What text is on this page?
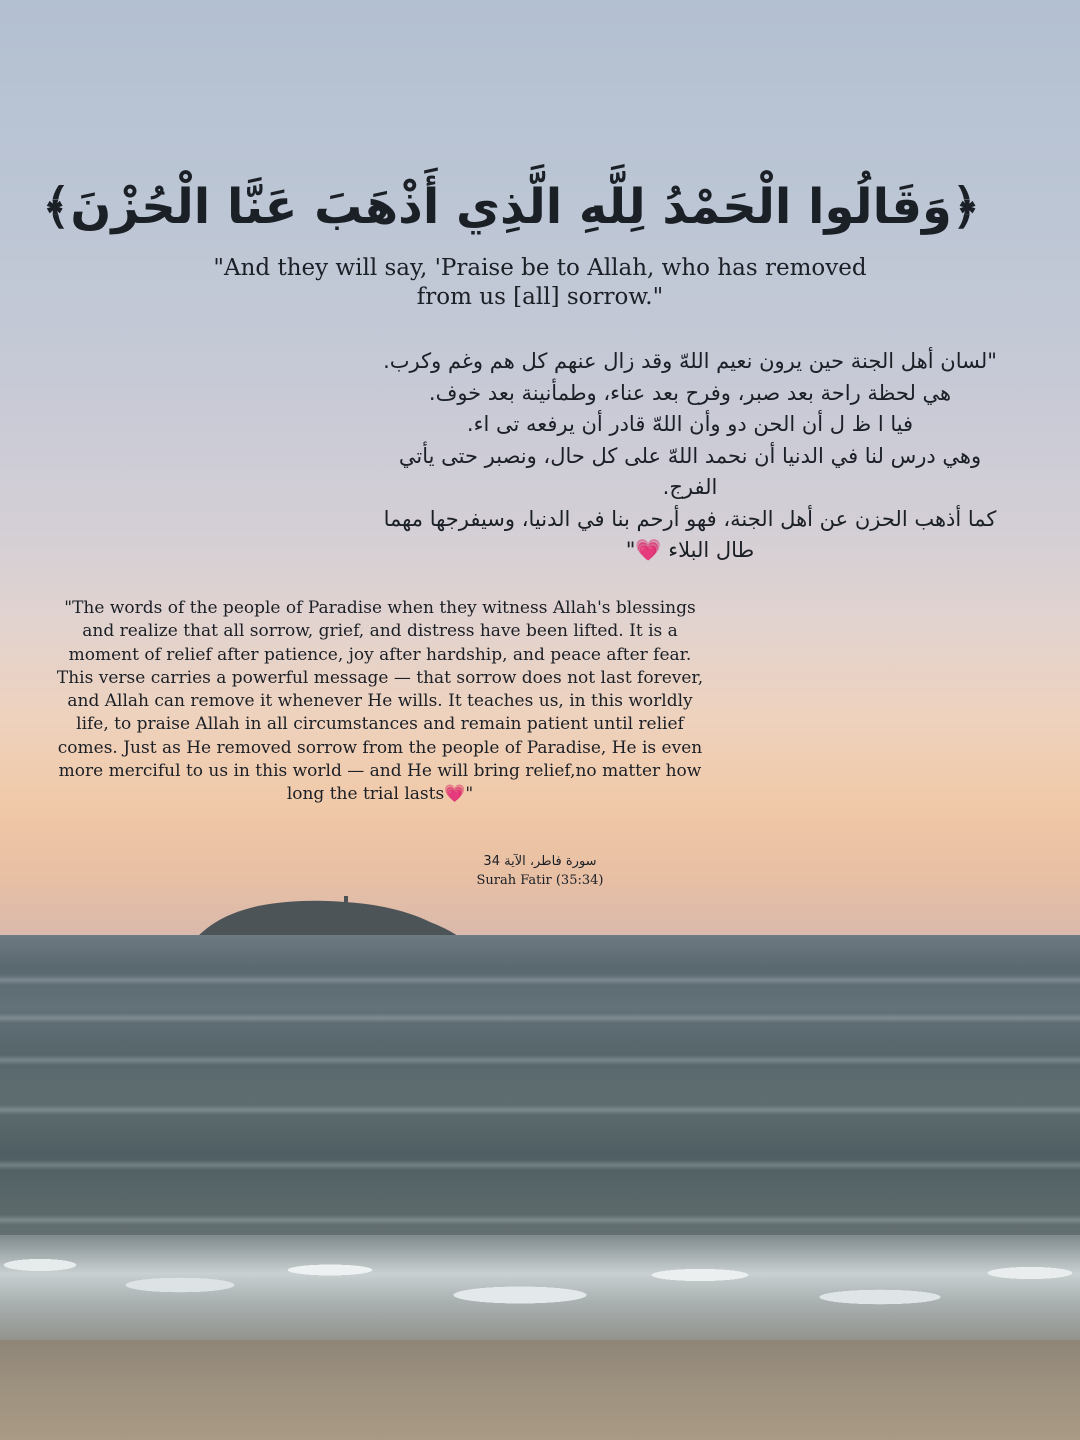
﴿وَقَالُوا الْحَمْدُ لِلَّهِ الَّذِي أَذْهَبَ عَنَّا الْحُزْنَ﴾
"And they will say, 'Praise be to Allah, who has removed
from us [all] sorrow."
"لسان أهل الجنة حين يرون نعيم اللهّ وقد زال عنهم كل هم وغم وكرب.
هي لحظة راحة بعد صبر، وفرح بعد عناء، وطمأنينة بعد خوف.
فيا ا ظ ل أن الحن دو وأن اللهّ قادر أن يرفعه تى اء.
وهي درس لنا في الدنيا أن نحمد اللهّ على كل حال، ونصبر حتى يأتي
الفرج.
كما أذهب الحزن عن أهل الجنة، فهو أرحم بنا في الدنيا، وسيفرجها مهما
طال البلاء 💗"
"The words of the people of Paradise when they witness Allah's blessings
and realize that all sorrow, grief, and distress have been lifted. It is a
moment of relief after patience, joy after hardship, and peace after fear.
This verse carries a powerful message — that sorrow does not last forever,
and Allah can remove it whenever He wills. It teaches us, in this worldly
life, to praise Allah in all circumstances and remain patient until relief
comes. Just as He removed sorrow from the people of Paradise, He is even
more merciful to us in this world — and He will bring relief,no matter how
long the trial lasts💗"
سورة فاطر، الآية 34
Surah Fatir (35:34)
